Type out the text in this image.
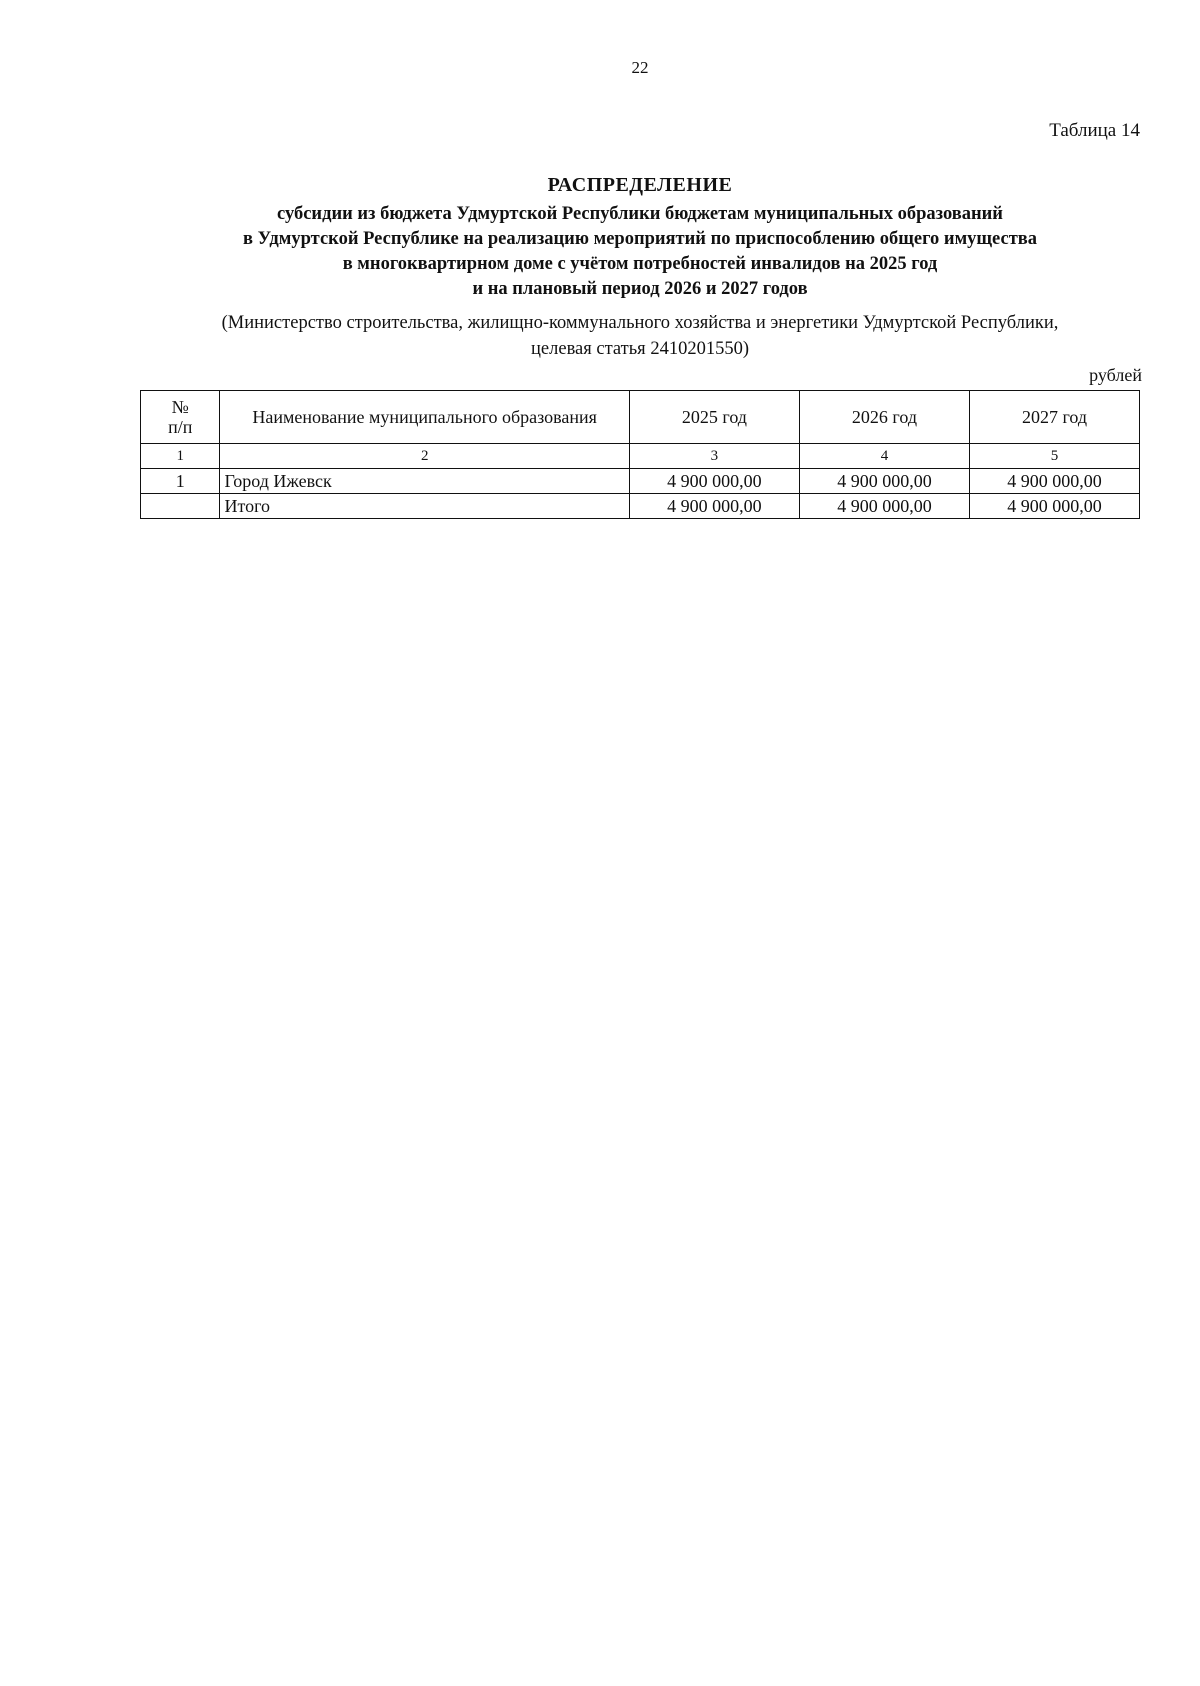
22
Таблица 14
РАСПРЕДЕЛЕНИЕ
субсидии из бюджета Удмуртской Республики бюджетам муниципальных образований
в Удмуртской Республике на реализацию мероприятий по приспособлению общего имущества
в многоквартирном доме с учётом потребностей инвалидов на 2025 год
и на плановый период 2026 и 2027 годов
(Министерство строительства, жилищно-коммунального хозяйства и энергетики Удмуртской Республики,
целевая статья 2410201550)
рублей
№
п/п	Наименование муниципального образования	2025 год	2026 год	2027 год
1	2	3	4	5
1	Город Ижевск	4 900 000,00	4 900 000,00	4 900 000,00
	Итого	4 900 000,00	4 900 000,00	4 900 000,00
